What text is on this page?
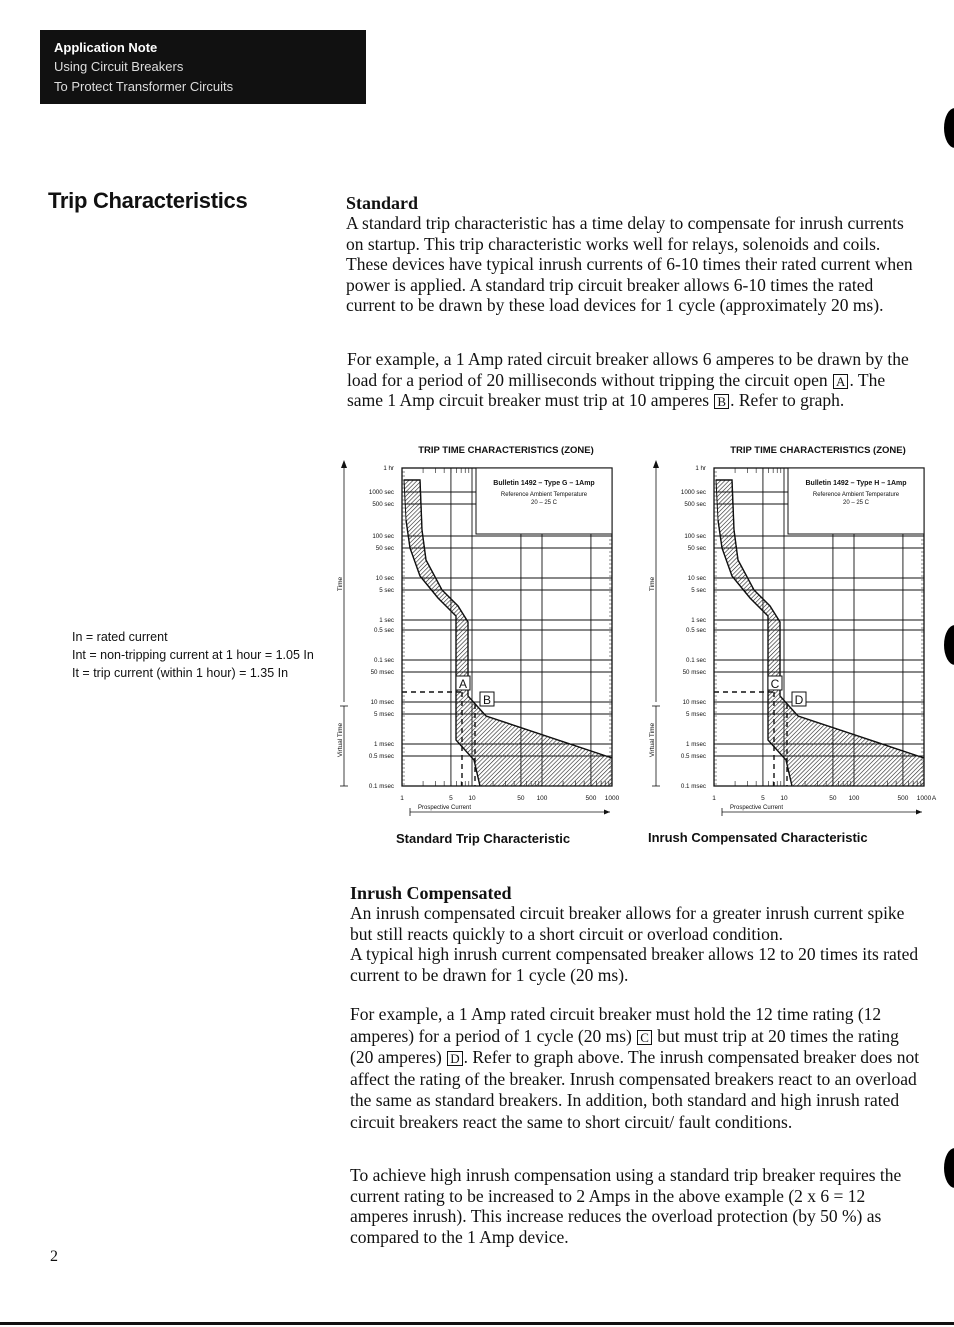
Application Note
Using Circuit Breakers
To Protect Transformer Circuits
Trip Characteristics	Standard
A standard trip characteristic has a time delay to compensate for inrush currents on startup. This trip characteristic works well for relays, solenoids and coils. These devices have typical inrush currents of 6-10 times their rated current when power is applied. A standard trip circuit breaker allows 6-10 times the rated current to be drawn by these load devices for 1 cycle (approximately 20 ms).
For example, a 1 Amp rated circuit breaker allows 6 amperes to be drawn by the load for a period of 20 milliseconds without tripping the circuit open A . The same 1 Amp circuit breaker must trip at 10 amperes B . Refer to graph.
In = rated current
Int = non-tripping current at 1 hour = 1.05 In
It = trip current (within 1 hour) = 1.35 In
TRIP TIME CHARACTERISTICS (ZONE)
Bulletin 1492 – Type G – 1Amp
Reference Ambient Temperature
20 – 25 C
A
B
1 hr
1000 sec
500 sec
100 sec
50 sec
10 sec
5 sec
1 sec
0.5 sec
0.1 sec
50 msec
10 msec
5 msec
1 msec
0.5 msec
0.1 msec
1	5 10	50 100	500 1000
Prospective Current
Time
Virtual Time
TRIP TIME CHARACTERISTICS (ZONE)
Bulletin 1492 – Type H – 1Amp
Reference Ambient Temperature
20 – 25 C
C
D
1 hr
1000 sec
500 sec
100 sec
50 sec
10 sec
5 sec
1 sec
0.5 sec
0.1 sec
50 msec
10 msec
5 msec
1 msec
0.5 msec
0.1 msec
1	5 10	50 100	500 1000 A
Prospective Current
Time
Virtual Time
Standard Trip Characteristic	Inrush Compensated Characteristic
Inrush Compensated
An inrush compensated circuit breaker allows for a greater inrush current spike but still reacts quickly to a short circuit or overload condition.
A typical high inrush current compensated breaker allows 12 to 20 times its rated current to be drawn for 1 cycle (20 ms).
For example, a 1 Amp rated circuit breaker must hold the 12 time rating (12 amperes) for a period of 1 cycle (20 ms) C but must trip at 20 times the rating (20 amperes) D . Refer to graph above. The inrush compensated breaker does not affect the rating of the breaker. Inrush compensated breakers react to an overload the same as standard breakers. In addition, both standard and high inrush rated circuit breakers react the same to short circuit/ fault conditions.
To achieve high inrush compensation using a standard trip breaker requires the current rating to be increased to 2 Amps in the above example (2 x 6 = 12 amperes inrush). This increase reduces the overload protection (by 50 %) as compared to the 1 Amp device.
2
